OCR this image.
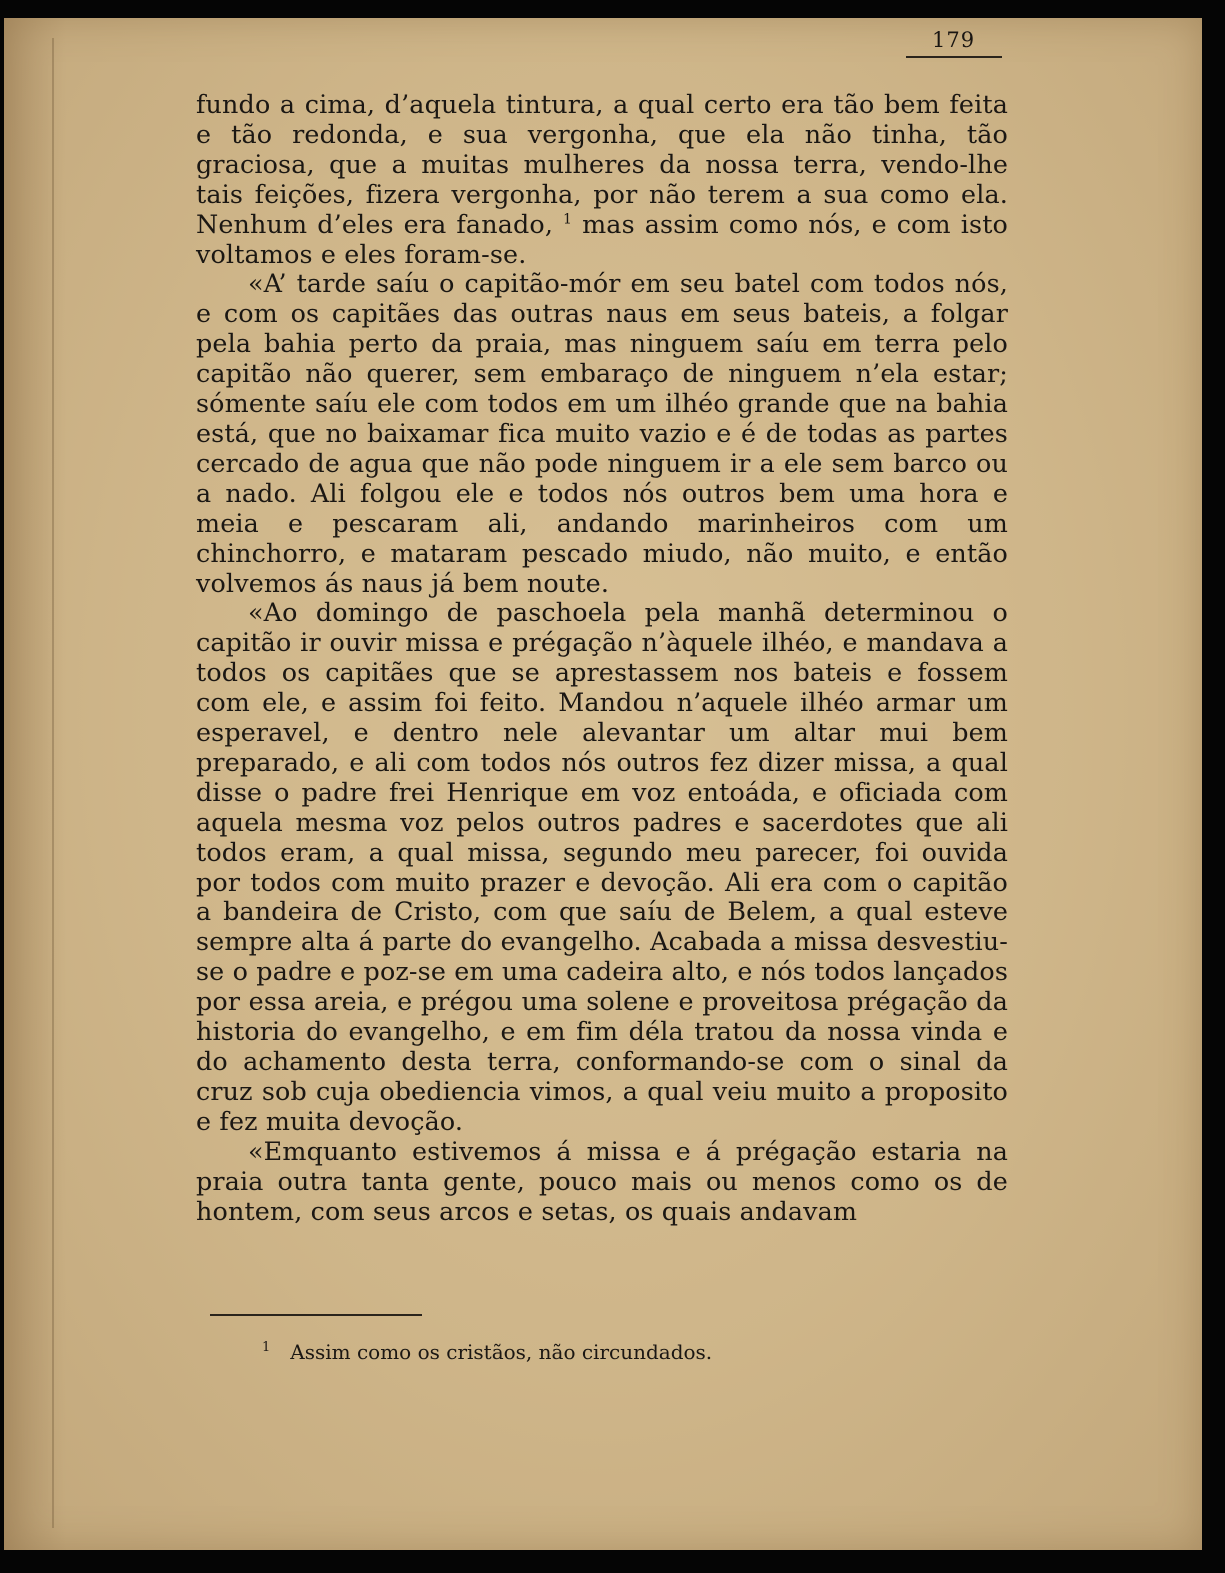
179

fundo a cima, d’aquela tintura, a qual certo era tão bem feita e tão redonda, e sua vergonha, que ela não tinha, tão graciosa, que a muitas mulheres da nossa terra, vendo-lhe tais feições, fizera vergonha, por não terem a sua como ela. Nenhum d’eles era fanado, $^1$ mas assim como nós, e com isto voltamos e eles foram-se.

«A’ tarde saíu o capitão-mór em seu batel com todos nós, e com os capitães das outras naus em seus bateis, a folgar pela bahia perto da praia, mas ninguem saíu em terra pelo capitão não querer, sem embaraço de ninguem n’ela estar; sómente saíu ele com todos em um ilhéo grande que na bahia está, que no baixamar fica muito vazio e é de todas as partes cercado de agua que não pode ninguem ir a ele sem barco ou a nado. Ali folgou ele e todos nós outros bem uma hora e meia e pescaram ali, andando marinheiros com um chinchorro, e mataram pescado miudo, não muito, e então volvemos ás naus já bem noute.

«Ao domingo de paschoela pela manhã determinou o capitão ir ouvir missa e prégação n’àquele ilhéo, e mandava a todos os capitães que se aprestassem nos bateis e fossem com ele, e assim foi feito. Mandou n’aquele ilhéo armar um esperavel, e dentro nele alevantar um altar mui bem preparado, e ali com todos nós outros fez dizer missa, a qual disse o padre frei Henrique em voz entoáda, e oficiada com aquela mesma voz pelos outros padres e sacerdotes que ali todos eram, a qual missa, segundo meu parecer, foi ouvida por todos com muito prazer e devoção. Ali era com o capitão a bandeira de Cristo, com que saíu de Belem, a qual esteve sempre alta á parte do evangelho. Acabada a missa desvestiu-se o padre e poz-se em uma cadeira alto, e nós todos lançados por essa areia, e prégou uma solene e proveitosa prégação da historia do evangelho, e em fim déla tratou da nossa vinda e do achamento desta terra, conformando-se com o sinal da cruz sob cuja obediencia vimos, a qual veiu muito a proposito e fez muita devoção.

«Emquanto estivemos á missa e á prégação estaria na praia outra tanta gente, pouco mais ou menos como os de hontem, com seus arcos e setas, os quais andavam

$^1$ Assim como os cristãos, não circundados.
